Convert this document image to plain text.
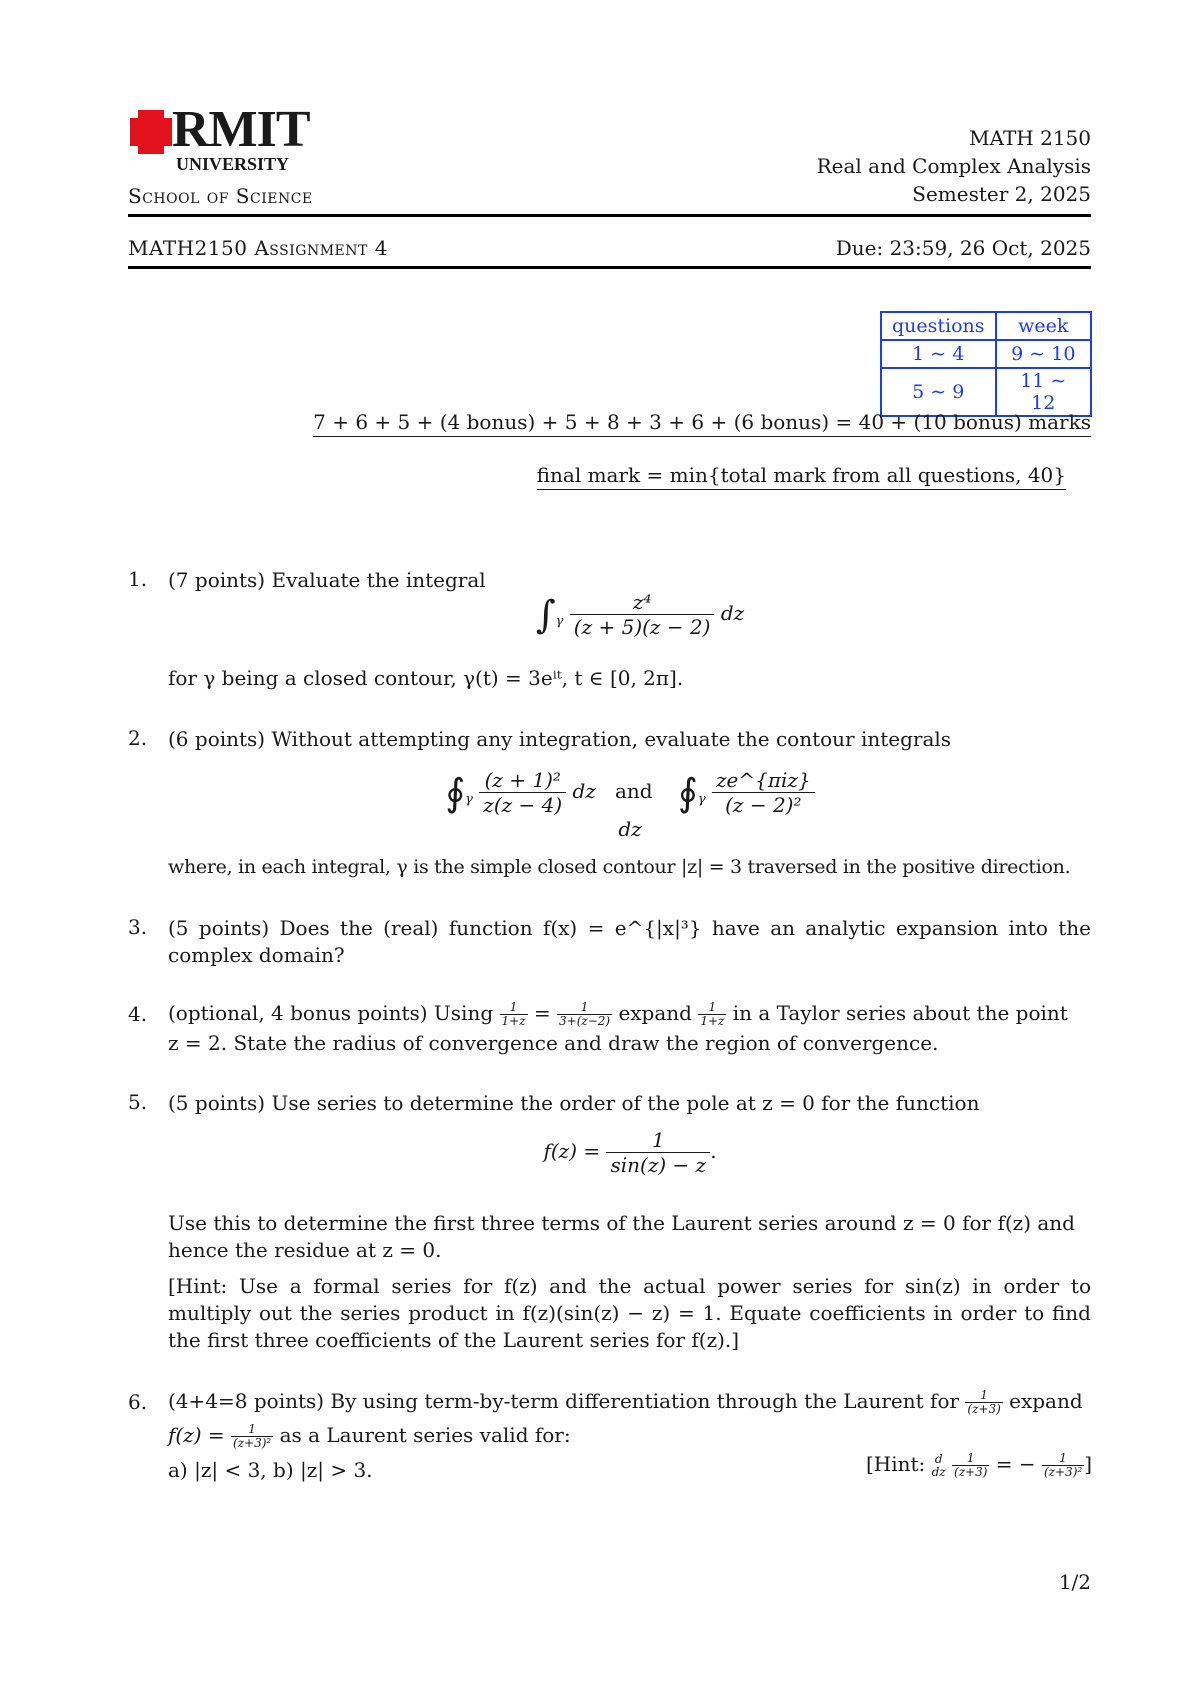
RMIT
UNIVERSITY
School of Science
MATH 2150
Real and Complex Analysis
Semester 2, 2025
MATH2150 Assignment 4	Due: 23:59, 26 Oct, 2025
questions	week
1 ∼ 4	9 ∼ 10
5 ∼ 9	11 ∼ 12
7 + 6 + 5 + (4 bonus) + 5 + 8 + 3 + 6 + (6 bonus) = 40 + (10 bonus) marks
final mark = min{total mark from all questions, 40}
1. (7 points) Evaluate the integral
$\int_\gamma \frac{\text{z⁴}}{(z + 5)(z - 2)}$ dz
for γ being a closed contour, γ(t) = 3eⁱᵗ, t ∈ [0, 2π].
2. (6 points) Without attempting any integration, evaluate the contour integrals
$∮_\gamma \frac{\text{(z + 1)²}}{z(z - 4)}$ dz and $∮_\gamma \frac{\text{ze\textasciicircum{}\{πiz\}}}{\text{(z − 2)²}}$
dz
where, in each integral, γ is the simple closed contour |z| = 3 traversed in the positive direction.
3. (5 points) Does the (real) function f(x) = e^{|x|³} have an analytic expansion into the complex domain?
4. (optional, 4 bonus points) Using $\frac{1}{1+z} = \frac{1}{3+(z-2)}$ expand $\frac{1}{1+z}$ in a Taylor series about the point
z = 2. State the radius of convergence and draw the region of convergence.
5. (5 points) Use series to determine the order of the pole at z = 0 for the function
$f(z) = \frac{1}{\sin(z) - z}$ .
Use this to determine the first three terms of the Laurent series around z = 0 for f(z) and hence the residue at z = 0.
[Hint: Use a formal series for f(z) and the actual power series for sin(z) in order to multiply out the series product in f(z)(sin(z) − z) = 1. Equate coefficients in order to find the first three coefficients of the Laurent series for f(z).]
6. (4+4=8 points) By using term-by-term differentiation through the Laurent for $\frac{1}{(z+3)}$ expand
$f(z) = \frac{1}{\text{(z+3)²}}$ as a Laurent series valid for:
a) |z| < 3, b) |z| > 3.	[Hint: d
dz $\frac{1}{(z+3)}$ = − $\frac{1}{\text{(z+3)²}}$ ]
1/2
